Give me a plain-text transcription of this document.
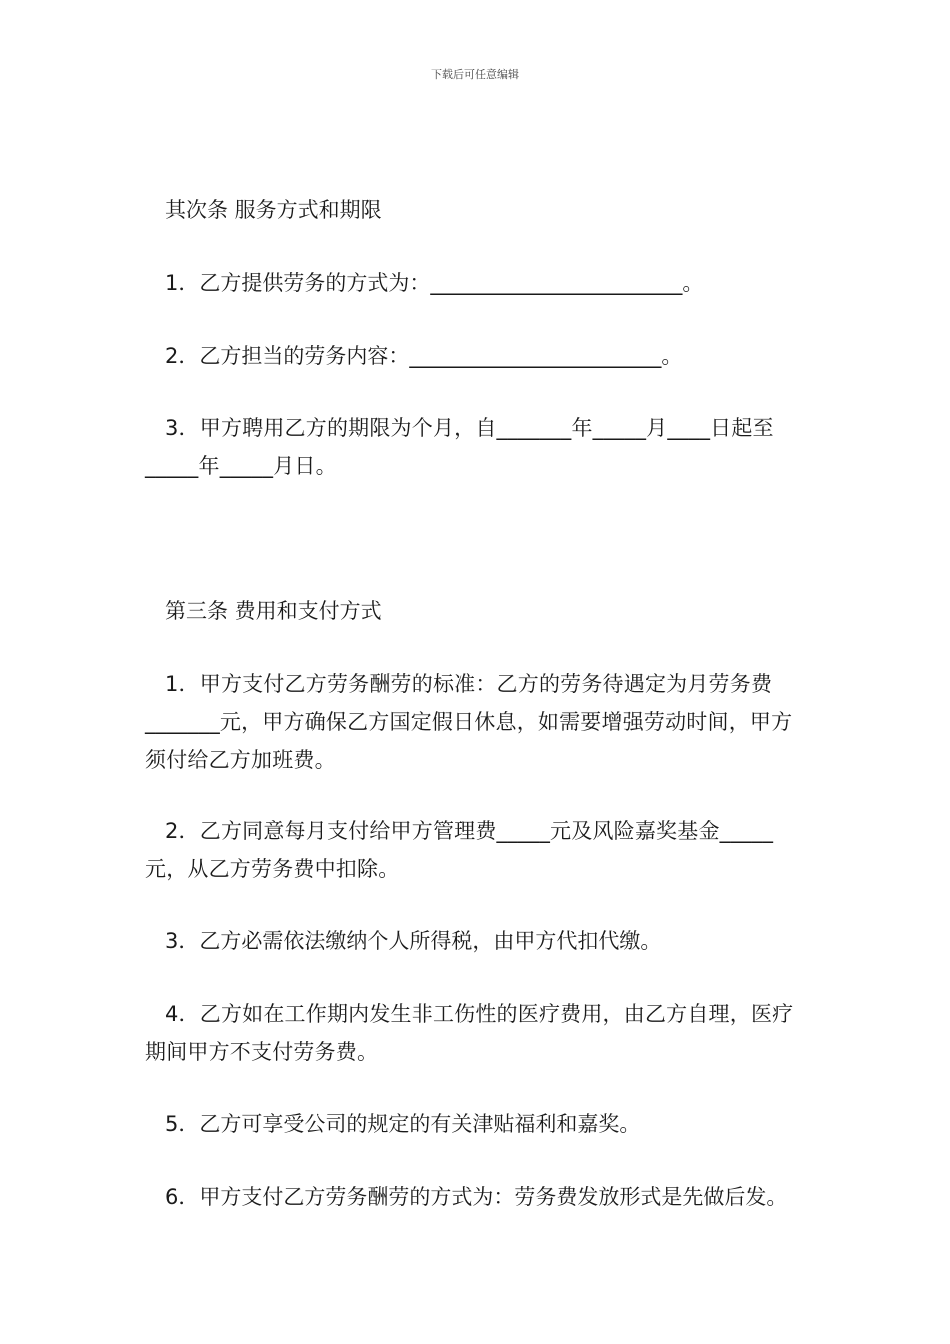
下载后可任意编辑
其次条 服务方式和期限

1．乙方提供劳务的方式为：________________________。

2．乙方担当的劳务内容：________________________。

3．甲方聘用乙方的期限为个月，自_______年_____月____日起至_____年_____月日。

第三条 费用和支付方式

1．甲方支付乙方劳务酬劳的标准：乙方的劳务待遇定为月劳务费_______元，甲方确保乙方国定假日休息，如需要增强劳动时间，甲方须付给乙方加班费。

2．乙方同意每月支付给甲方管理费_____元及风险嘉奖基金_____元，从乙方劳务费中扣除。

3．乙方必需依法缴纳个人所得税，由甲方代扣代缴。

4．乙方如在工作期内发生非工伤性的医疗费用，由乙方自理，医疗期间甲方不支付劳务费。

5．乙方可享受公司的规定的有关津贴福利和嘉奖。

6．甲方支付乙方劳务酬劳的方式为：劳务费发放形式是先做后发。
